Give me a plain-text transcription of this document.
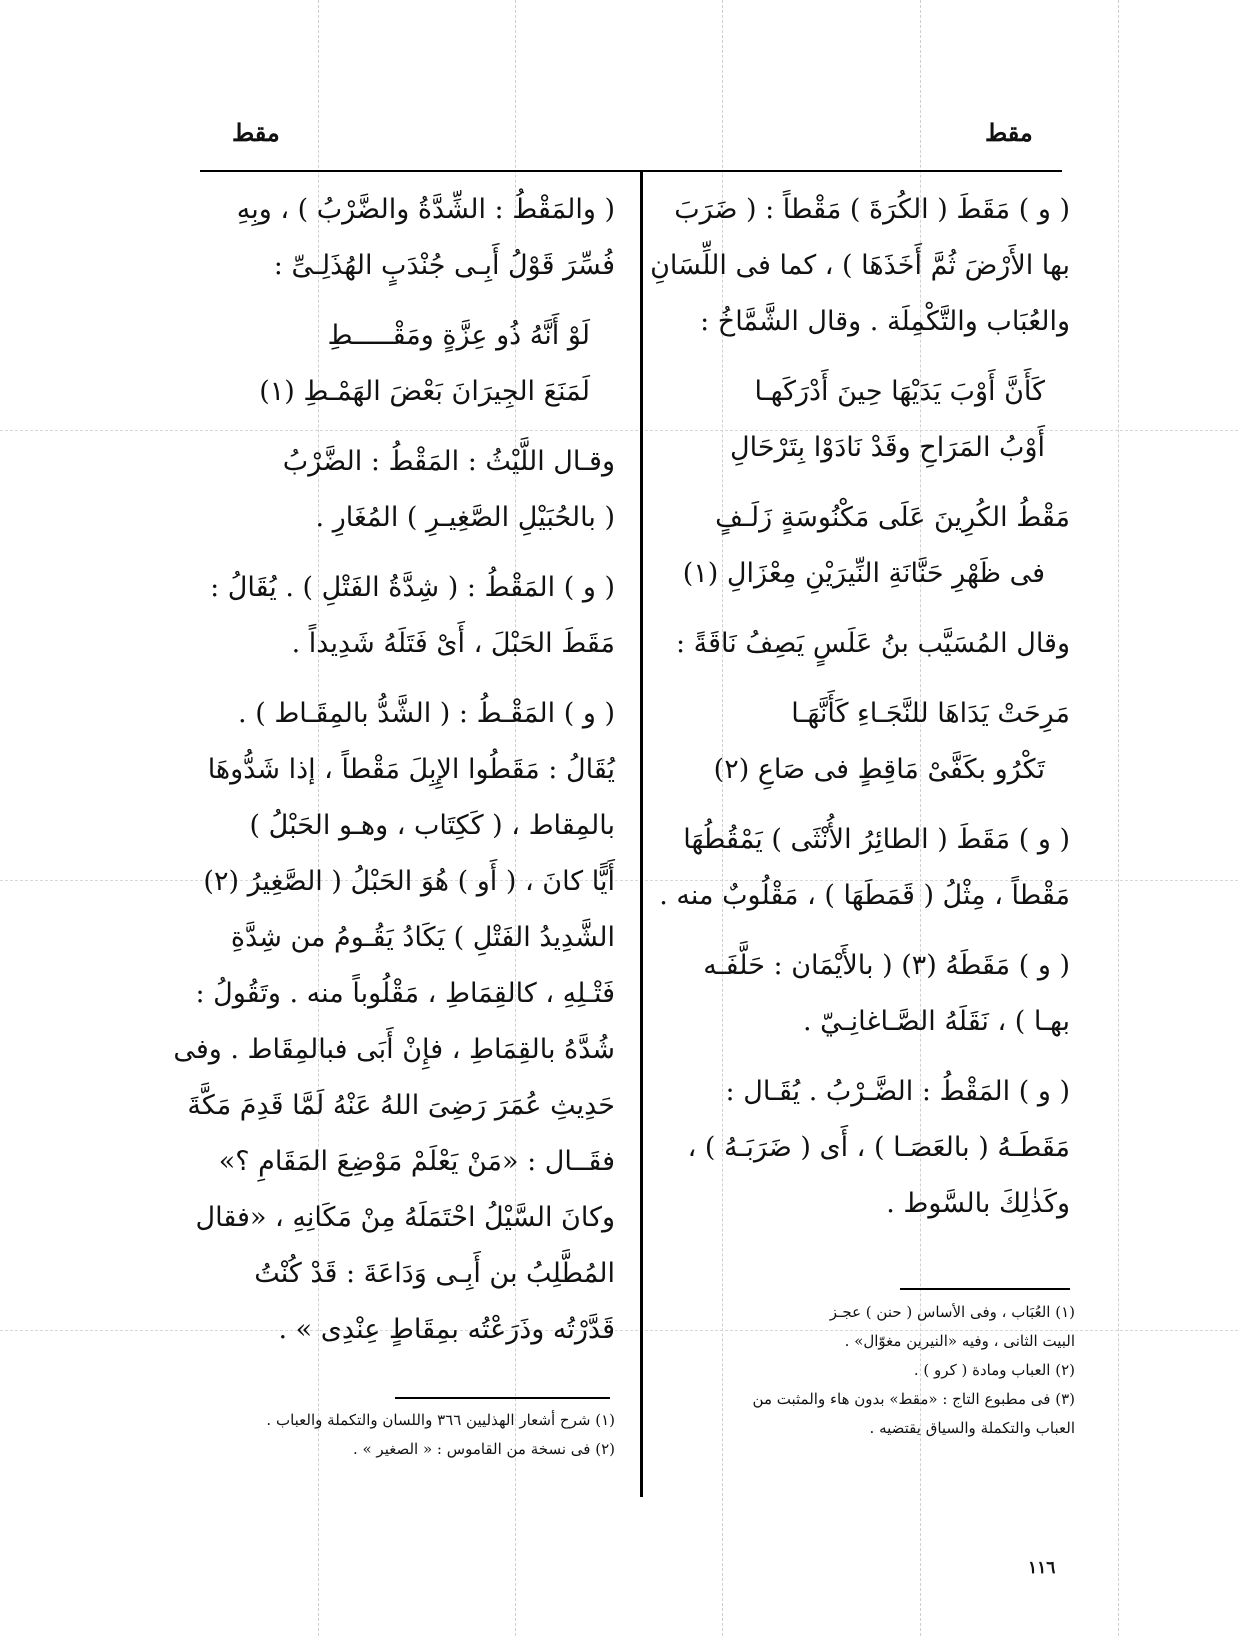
مقط
مقط
( و ) مَقَطَ ( الكُرَةَ ) مَقْطاً : ( ضَرَبَ
بها الأَرْضَ ثُمَّ أَخَذَهَا ) ، كما فى اللِّسَانِ
والعُبَاب والتَّكْمِلَة . وقال الشَّمَّاخُ :
كَأَنَّ أَوْبَ يَدَيْهَا حِينَ أَدْرَكَهـا
أَوْبُ المَرَاحِ وقَدْ نَادَوْا بِتَرْحَالِ
مَقْطُ الكُرِينَ عَلَى مَكْنُوسَةٍ زَلَـفٍ
فى ظَهْرِ حَنَّانَةِ النِّيرَيْنِ مِعْزَالِ (١)
وقال المُسَيَّب بنُ عَلَسٍ يَصِفُ نَاقَةً :
مَرِحَتْ يَدَاهَا للنَّجَـاءِ كَأَنَّهَـا
تَكْرُو بكَفَّىْ مَاقِطٍ فى صَاعِ (٢)
( و ) مَقَطَ ( الطائِرُ الأُنْثَى ) يَمْقُطُهَا
مَقْطاً ، مِثْلُ ( قَمَطَهَا ) ، مَقْلُوبٌ منه .
( و ) مَقَطَهُ (٣) ( بالأَيْمَان : حَلَّفَـه
بهـا ) ، نَقَلَهُ الصَّـاغانِـيّ .
( و ) المَقْطُ : الضَّـرْبُ . يُقَـال :
مَقَطَـهُ ( بالعَصَـا ) ، أَى ( ضَرَبَـهُ ) ،
وكَذٰلِكَ بالسَّوط .
(١) العُبَاب ، وفى الأساس ( حنن ) عجـز
البيت الثانى ، وفيه «النيرين مغوّال» .
(٢) العباب ومادة ( كرو ) .
(٣) فى مطبوع التاج : «مقط» بدون هاء والمثبت من
العباب والتكملة والسياق يقتضيه .
( والمَقْطُ : الشِّدَّةُ والضَّرْبُ ) ، وبِهِ
فُسِّرَ قَوْلُ أَبِـى جُنْدَبٍ الهُذَلِـىِّ :
لَوْ أَنَّهُ ذُو عِزَّةٍ ومَقْـــــطِ
لَمَنَعَ الجِيرَانَ بَعْضَ الهَمْـطِ (١)
وقـال اللَّيْثُ : المَقْطُ : الضَّرْبُ
( بالحُبَيْلِ الصَّغِيـرِ ) المُغَارِ .
( و ) المَقْطُ : ( شِدَّةُ الفَتْلِ ) . يُقَالُ :
مَقَطَ الحَبْلَ ، أَىْ فَتَلَهُ شَدِيداً .
( و ) المَقْـطُ : ( الشَّدُّ بالمِقَـاط ) .
يُقَالُ : مَقَطُوا الإِبِلَ مَقْطاً ، إذا شَدُّوهَا
بالمِقاط ، ( كَكِتَاب ، وهـو الحَبْلُ )
أَيًّا كانَ ، ( أَو ) هُوَ الحَبْلُ ( الصَّغِيرُ (٢)
الشَّدِيدُ الفَتْلِ ) يَكَادُ يَقُـومُ من شِدَّةِ
فَتْـلِهِ ، كالقِمَاطِ ، مَقْلُوباً منه . وتَقُولُ :
شُدَّهُ بالقِمَاطِ ، فإِنْ أَبَى فبالمِقَاط . وفى
حَدِيثِ عُمَرَ رَضِىَ اللهُ عَنْهُ لَمَّا قَدِمَ مَكَّةَ
فقَــال : «مَنْ يَعْلَمْ مَوْضِعَ المَقَامِ ؟»
وكانَ السَّيْلُ احْتَمَلَهُ مِنْ مَكَانِهِ ، «فقال
المُطَّلِبُ بن أَبِـى وَدَاعَةَ : قَدْ كُنْتُ
قَدَّرْتُه وذَرَعْتُه بمِقَاطٍ عِنْدِى » .
(١) شرح أشعار الهذليين ٣٦٦ واللسان والتكملة والعباب .
(٢) فى نسخة من القاموس : « الصغير » .
١١٦
